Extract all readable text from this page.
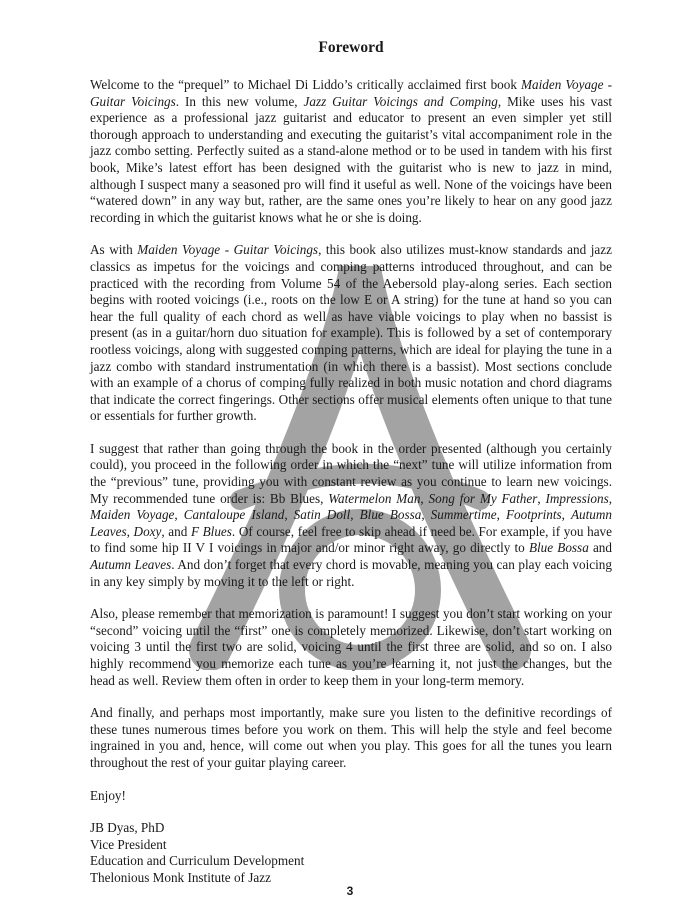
Foreword

Welcome to the “prequel” to Michael Di Liddo’s critically acclaimed first book Maiden Voyage - Guitar Voicings. In this new volume, Jazz Guitar Voicings and Comping, Mike uses his vast experience as a professional jazz guitarist and educator to present an even simpler yet still thorough approach to understanding and executing the guitarist’s vital accompaniment role in the jazz combo setting. Perfectly suited as a stand-alone method or to be used in tandem with his first book, Mike’s latest effort has been designed with the guitarist who is new to jazz in mind, although I suspect many a seasoned pro will find it useful as well. None of the voicings have been “watered down” in any way but, rather, are the same ones you’re likely to hear on any good jazz recording in which the guitarist knows what he or she is doing.

As with Maiden Voyage - Guitar Voicings, this book also utilizes must-know standards and jazz classics as impetus for the voicings and comping patterns introduced throughout, and can be practiced with the recording from Volume 54 of the Aebersold play-along series. Each section begins with rooted voicings (i.e., roots on the low E or A string) for the tune at hand so you can hear the full quality of each chord as well as have viable voicings to play when no bassist is present (as in a guitar/horn duo situation for example). This is followed by a set of contemporary rootless voicings, along with suggested comping patterns, which are ideal for playing the tune in a jazz combo with standard instrumentation (in which there is a bassist). Most sections conclude with an example of a chorus of comping fully realized in both music notation and chord diagrams that indicate the correct fingerings. Other sections offer musical elements often unique to that tune or essentials for further growth.

I suggest that rather than going through the book in the order presented (although you certainly could), you proceed in the following order in which the “next” tune will utilize information from the “previous” tune, providing you with constant review as you continue to learn new voicings. My recommended tune order is: Bb Blues, Watermelon Man, Song for My Father, Impressions, Maiden Voyage, Cantaloupe Island, Satin Doll, Blue Bossa, Summertime, Footprints, Autumn Leaves, Doxy, and F Blues. Of course, feel free to skip ahead if need be. For example, if you have to find some hip II V I voicings in major and/or minor right away, go directly to Blue Bossa and Autumn Leaves. And don’t forget that every chord is movable, meaning you can play each voicing in any key simply by moving it to the left or right.

Also, please remember that memorization is paramount! I suggest you don’t start working on your “second” voicing until the “first” one is completely memorized. Likewise, don’t start working on voicing 3 until the first two are solid, voicing 4 until the first three are solid, and so on. I also highly recommend you memorize each tune as you’re learning it, not just the changes, but the head as well. Review them often in order to keep them in your long-term memory.

And finally, and perhaps most importantly, make sure you listen to the definitive recordings of these tunes numerous times before you work on them. This will help the style and feel become ingrained in you and, hence, will come out when you play. This goes for all the tunes you learn throughout the rest of your guitar playing career.

Enjoy!

JB Dyas, PhD

Vice President

Education and Curriculum Development

Thelonious Monk Institute of Jazz

3
